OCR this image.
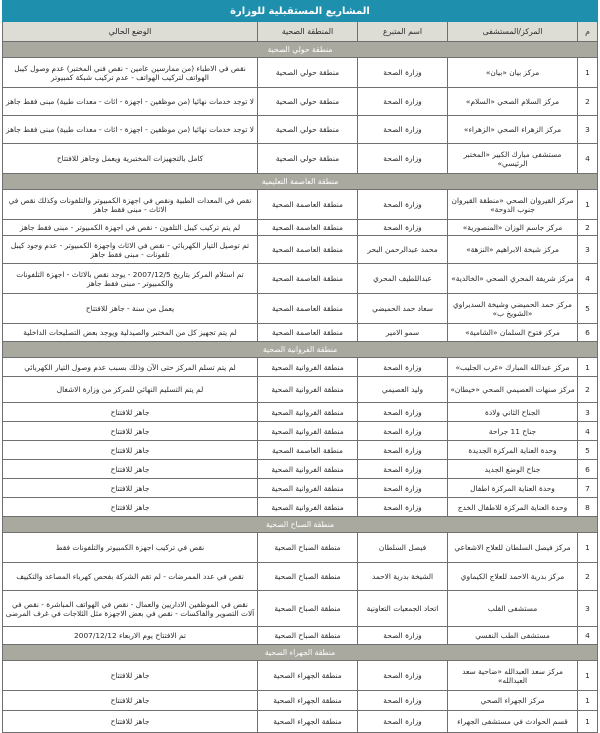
المشاريع المستقبلية للوزارة				
م	المركز/المستشفى	اسم المتبرع	المنطقة الصحية	الوضع الحالي
منطقة حولي الصحية				
1	مركز بيان «بيان»	وزارة الصحة	منطقة حولي الصحية	نقص في الاطباء (من ممارسين عامين - نقص فني المختبر) عدم وصول كيبل الهواتف لتركيب الهواتف - عدم تركيب شبكة كمبيوتر
2	مركز السلام الصحي «السلام»	وزارة الصحة	منطقة حولي الصحية	لا توجد خدمات نهائيا (من موظفين - اجهزة - اثاث - معدات طبية) مبنى فقط جاهز
3	مركز الزهراء الصحي «الزهراء»	وزارة الصحة	منطقة حولي الصحية	لا توجد خدمات نهائيا (من موظفين - اجهزة - اثاث - معدات طبية) مبنى فقط جاهز
4	مستشفى مبارك الكبير «المختبر الرئيسي»	وزارة الصحة	منطقة حولي الصحية	كامل بالتجهيزات المختبرية ويعمل وجاهز للافتتاح
منطقة العاصمة التعليمية				
1	مركز القيروان الصحي «منطقة القيروان جنوب الدوحة»	وزارة الصحة	منطقة العاصمة الصحية	نقص في المعدات الطبية ونقص في اجهزة الكمبيوتر والتلفونات وكذلك نقص في الاثاث - مبنى فقط جاهز
2	مركز جاسم الوزان «المنصورية»	وزارة الصحة	منطقة العاصمة الصحية	لم يتم تركيب كيبل التلفون - نقص في اجهزة الكمبيوتر - مبنى فقط جاهز
3	مركز شيخة الابراهيم «النزهة»	محمد عبدالرحمن البحر	منطقة العاصمة الصحية	تم توصيل التيار الكهربائي - نقص في الاثاث واجهزة الكمبيوتر - عدم وجود كيبل تلفونات - مبنى فقط جاهز
4	مركز شريفة المحري الصحي «الخالدية»	عبداللطيف المحري	منطقة العاصمة الصحية	تم استلام المركز بتاريخ 2007/12/5 - يوجد نقص بالاثاث - اجهزة التلفونات والكمبيوتر - مبنى فقط جاهز
5	مركز حمد الحميضي وشيخة السديراوي «الشويخ ب»	سعاد حمد الحميضي	منطقة العاصمة الصحية	يعمل من سنة - جاهز للافتتاح
6	مركز فتوح السلمان «الشامية»	سمو الامير	منطقة العاصمة الصحية	لم يتم تجهيز كل من المختبر والصيدلية ويوجد بعض التصليحات الداخلية
منطقة الفروانية الصحية				
1	مركز عبدالله المبارك «غرب الجليب»	وزارة الصحة	منطقة الفروانية الصحية	لم يتم تسلم المركز حتى الآن وذلك بسبب عدم وصول التيار الكهربائي
2	مركز صنهات العصيمي الصحي «خيطان»	وليد العصيمي	منطقة الفروانية الصحية	لم يتم التسليم النهائي للمركز من وزارة الاشغال
3	الجناح الثاني ولادة	وزارة الصحة	منطقة الفروانية الصحية	جاهز للافتتاح
4	جناح 11 جراحة	وزارة الصحة	منطقة الفروانية الصحية	جاهز للافتتاح
5	وحدة العناية المركزة الجديدة	وزارة الصحة	منطقة العاصمة الصحية	جاهز للافتتاح
6	جناح الوضع الجديد	وزارة الصحة	منطقة الفروانية الصحية	جاهز للافتتاح
7	وحدة العناية المركزة اطفال	وزارة الصحة	منطقة الفروانية الصحية	جاهز للافتتاح
8	وحدة العناية المركزة للاطفال الخدج	وزارة الصحة	منطقة الفروانية الصحية	جاهز للافتتاح
منطقة الصباح الصحية				
1	مركز فيصل السلطان للعلاج الاشعاعي	فيصل السلطان	منطقة الصباح الصحية	نقص في تركيب اجهزة الكمبيوتر والتلفونات فقط
2	مركز بدرية الاحمد للعلاج الكيماوي	الشيخة بدرية الاحمد	منطقة الصباح الصحية	نقص في عدد الممرضات - لم تقم الشركة بفحص كهرباء المصاعد والتكييف
3	مستشفى القلب	اتحاد الجمعيات التعاونية	منطقة الصباح الصحية	نقص في الموظفين الاداريين والعمال - نقص في الهواتف المباشرة - نقص في آلات التصوير والفاكسات - نقص في بعض الاجهزة مثل الثلاجات في غرف المرضى
4	مستشفى الطب النفسي	وزارة الصحة	منطقة الصباح الصحية	تم الافتتاح يوم الاربعاء 2007/12/12
منطقة الجهراء الصحية				
1	مركز سعد العبدالله «ضاحية سعد العبدالله»	وزارة الصحة	منطقة الجهراء الصحية	جاهز للافتتاح
1	مركز الجهراء الصحي	وزارة الصحة	منطقة الجهراء الصحية	جاهز للافتتاح
1	قسم الحوادث في مستشفى الجهراء	وزارة الصحة	منطقة الجهراء الصحية	جاهز للافتتاح
